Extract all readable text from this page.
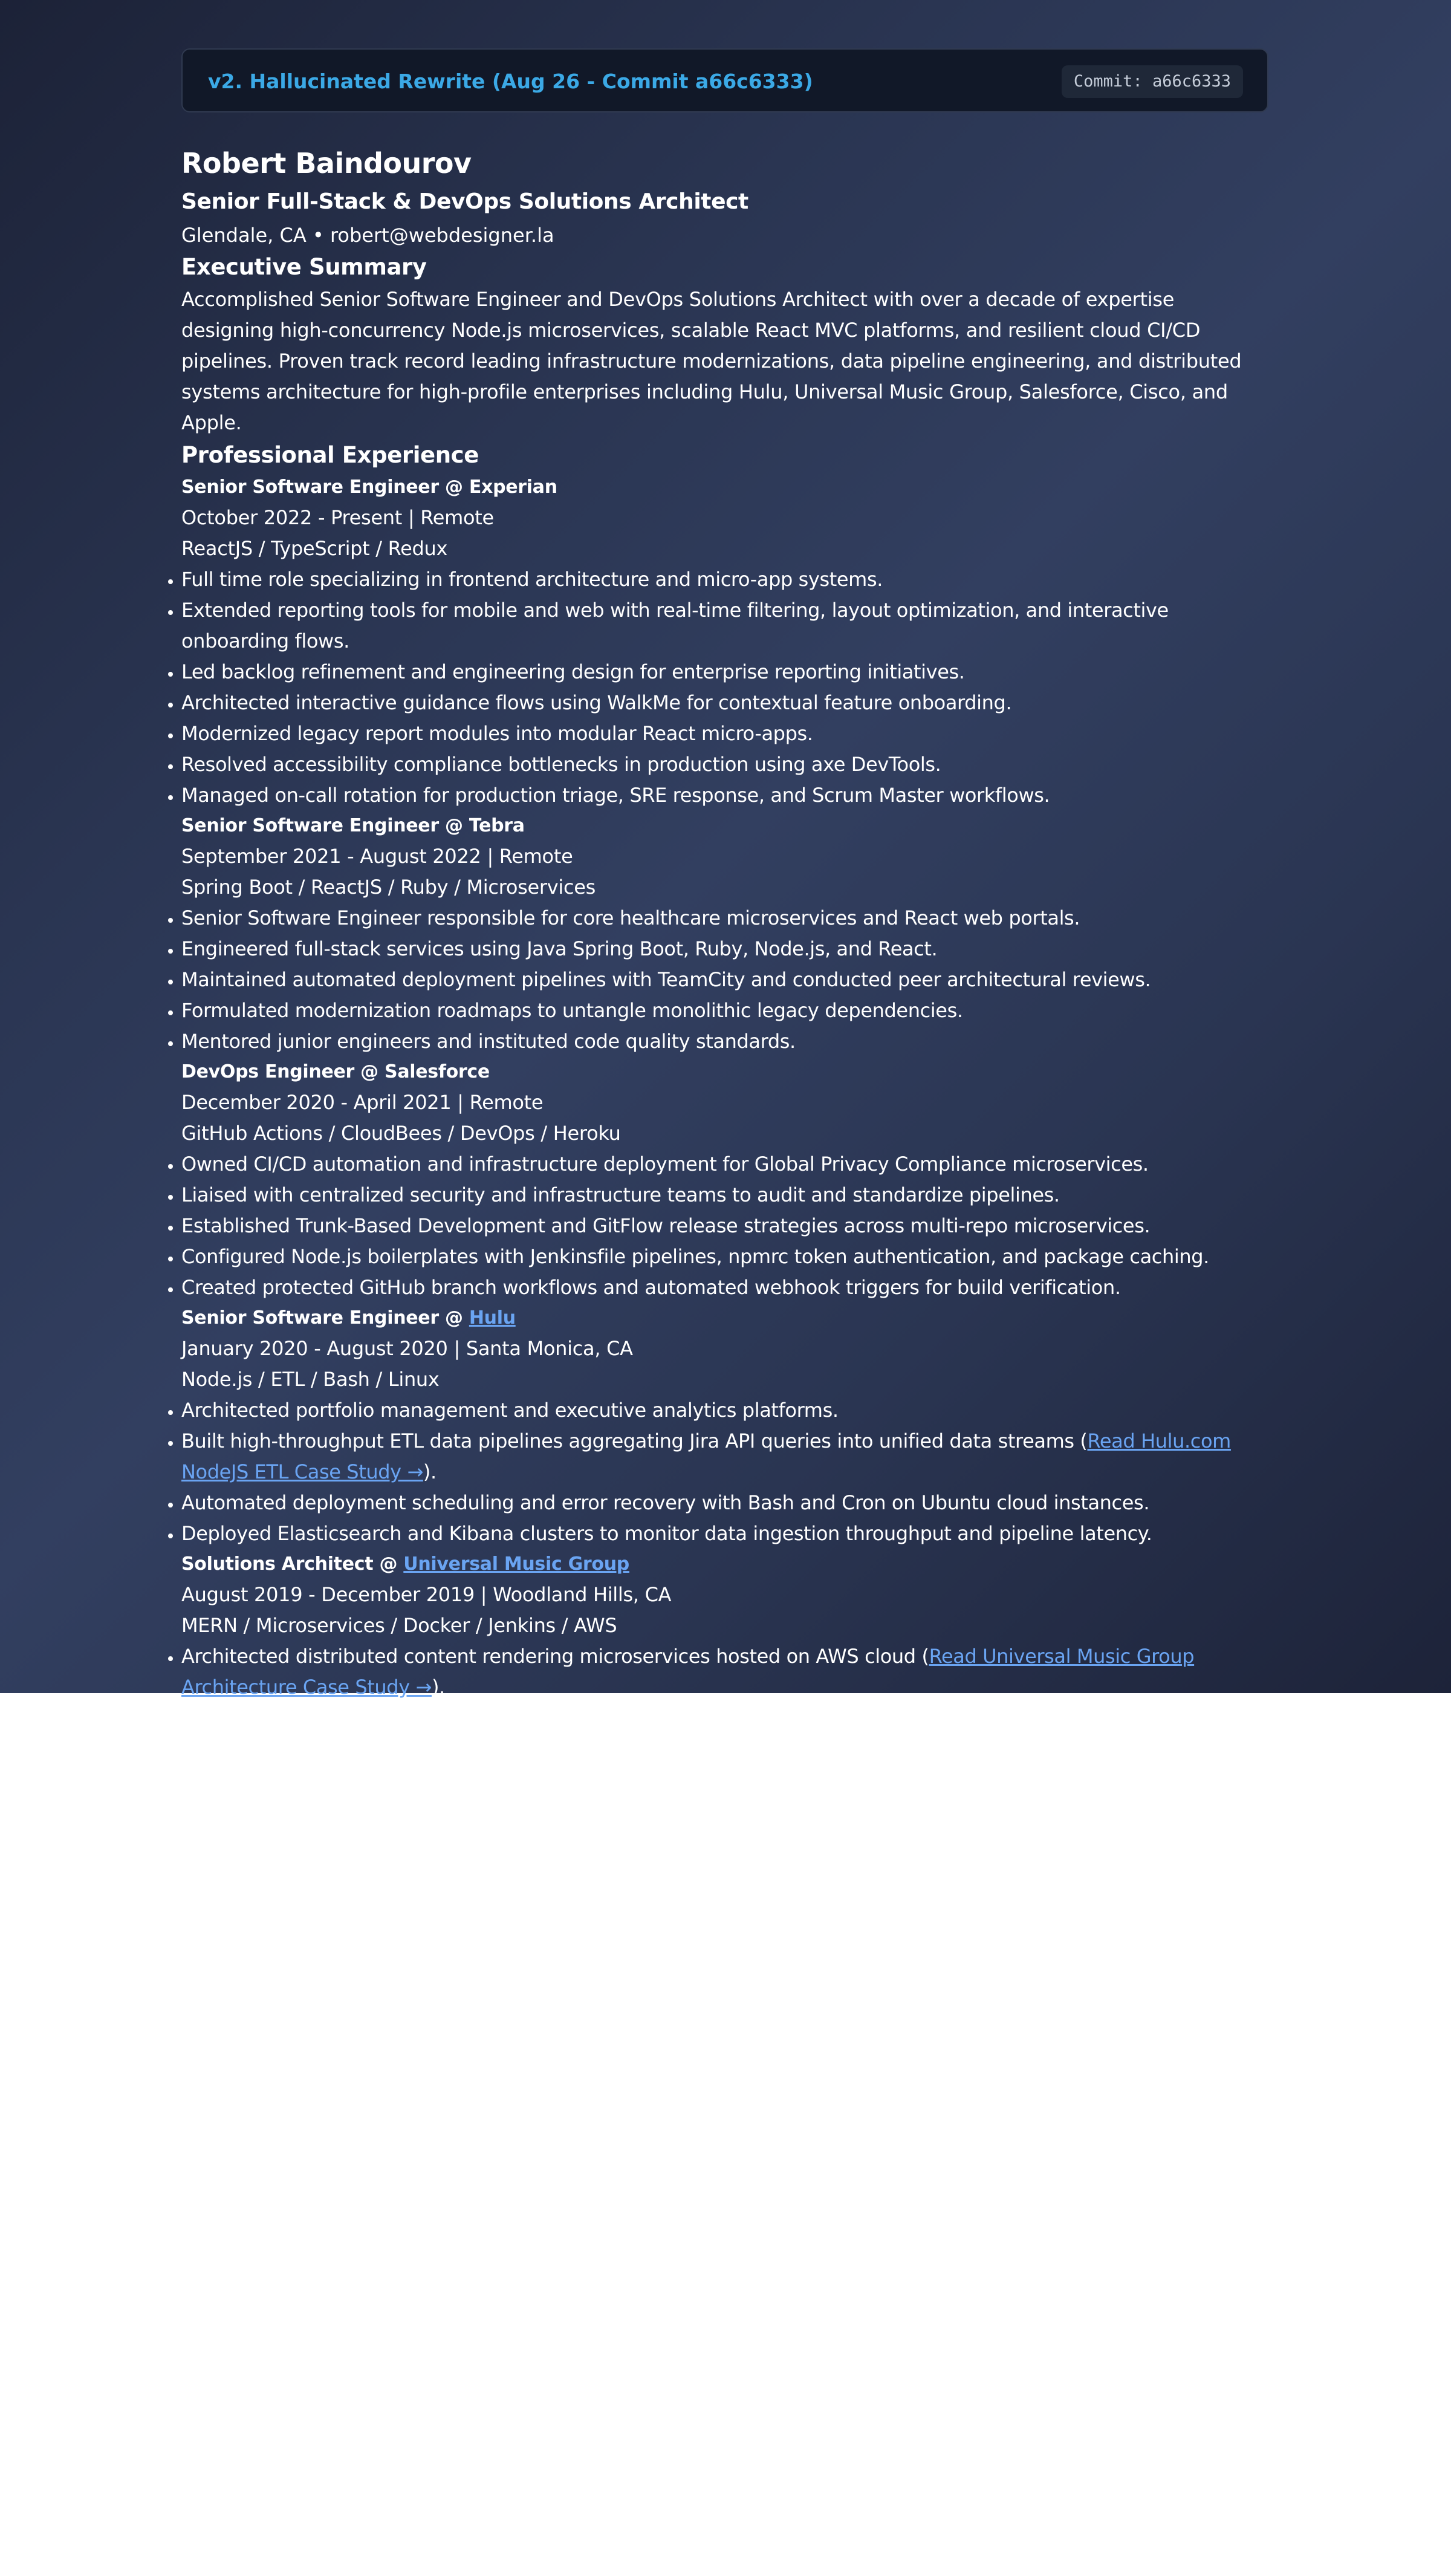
v2. Hallucinated Rewrite (Aug 26 - Commit a66c6333)	Commit: a66c6333
Robert Baindourov
Senior Full-Stack & DevOps Solutions Architect
Glendale, CA • robert@webdesigner.la
Executive Summary
Accomplished Senior Software Engineer and DevOps Solutions Architect with over a decade of expertise designing high-concurrency Node.js microservices, scalable React MVC platforms, and resilient cloud CI/CD pipelines. Proven track record leading infrastructure modernizations, data pipeline engineering, and distributed systems architecture for high-profile enterprises including Hulu, Universal Music Group, Salesforce, Cisco, and Apple.
Professional Experience
Senior Software Engineer @ Experian
October 2022 - Present | Remote
ReactJS / TypeScript / Redux
• Full time role specializing in frontend architecture and micro-app systems.
• Extended reporting tools for mobile and web with real-time filtering, layout optimization, and interactive onboarding flows.
• Led backlog refinement and engineering design for enterprise reporting initiatives.
• Architected interactive guidance flows using WalkMe for contextual feature onboarding.
• Modernized legacy report modules into modular React micro-apps.
• Resolved accessibility compliance bottlenecks in production using axe DevTools.
• Managed on-call rotation for production triage, SRE response, and Scrum Master workflows.
Senior Software Engineer @ Tebra
September 2021 - August 2022 | Remote
Spring Boot / ReactJS / Ruby / Microservices
• Senior Software Engineer responsible for core healthcare microservices and React web portals.
• Engineered full-stack services using Java Spring Boot, Ruby, Node.js, and React.
• Maintained automated deployment pipelines with TeamCity and conducted peer architectural reviews.
• Formulated modernization roadmaps to untangle monolithic legacy dependencies.
• Mentored junior engineers and instituted code quality standards.
DevOps Engineer @ Salesforce
December 2020 - April 2021 | Remote
GitHub Actions / CloudBees / DevOps / Heroku
• Owned CI/CD automation and infrastructure deployment for Global Privacy Compliance microservices.
• Liaised with centralized security and infrastructure teams to audit and standardize pipelines.
• Established Trunk-Based Development and GitFlow release strategies across multi-repo microservices.
• Configured Node.js boilerplates with Jenkinsfile pipelines, npmrc token authentication, and package caching.
• Created protected GitHub branch workflows and automated webhook triggers for build verification.
Senior Software Engineer @ Hulu
January 2020 - August 2020 | Santa Monica, CA
Node.js / ETL / Bash / Linux
• Architected portfolio management and executive analytics platforms.
• Built high-throughput ETL data pipelines aggregating Jira API queries into unified data streams (Read Hulu.com NodeJS ETL Case Study →).
• Automated deployment scheduling and error recovery with Bash and Cron on Ubuntu cloud instances.
• Deployed Elasticsearch and Kibana clusters to monitor data ingestion throughput and pipeline latency.
Solutions Architect @ Universal Music Group
August 2019 - December 2019 | Woodland Hills, CA
MERN / Microservices / Docker / Jenkins / AWS
• Architected distributed content rendering microservices hosted on AWS cloud (Read Universal Music Group Architecture Case Study →).
